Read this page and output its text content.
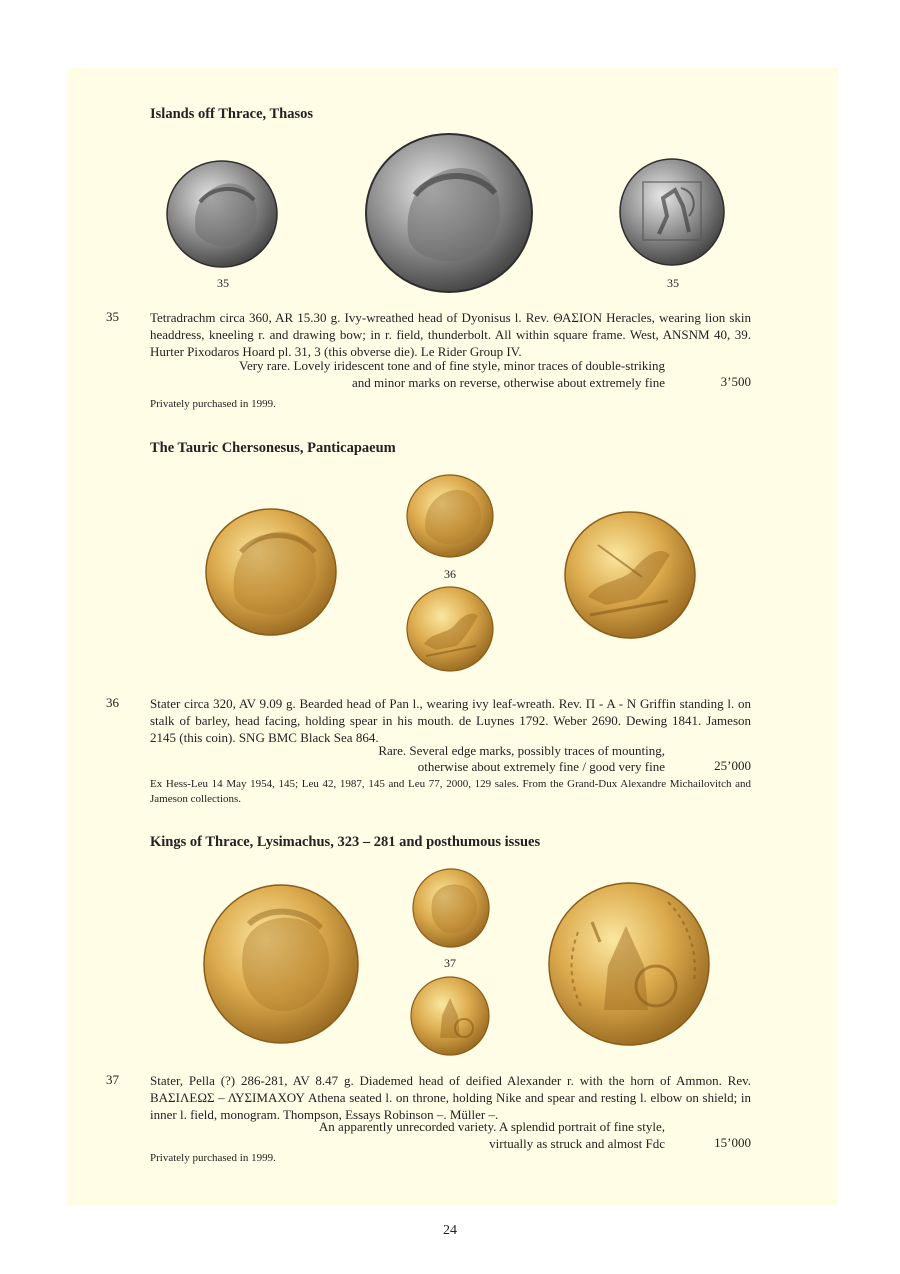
Islands off Thrace, Thasos
35	35
35 Tetradrachm circa 360, AR 15.30 g. Ivy-wreathed head of Dyonisus l. Rev. ΘΑΣΙΟΝ Heracles, wearing lion skin headdress, kneeling r. and drawing bow; in r. field, thunderbolt. All within square frame. West, ANSNM 40, 39. Hurter Pixodaros Hoard pl. 31, 3 (this obverse die). Le Rider Group IV.
Very rare. Lovely iridescent tone and of fine style, minor traces of double-striking
and minor marks on reverse, otherwise about extremely fine	3’500
Privately purchased in 1999.
The Tauric Chersonesus, Panticapaeum
36
36 Stater circa 320, AV 9.09 g. Bearded head of Pan l., wearing ivy leaf-wreath. Rev. Π - Α - Ν Griffin standing l. on stalk of barley, head facing, holding spear in his mouth. de Luynes 1792. Weber 2690. Dewing 1841. Jameson 2145 (this coin). SNG BMC Black Sea 864.
Rare. Several edge marks, possibly traces of mounting,
otherwise about extremely fine / good very fine	25’000
Ex Hess-Leu 14 May 1954, 145; Leu 42, 1987, 145 and Leu 77, 2000, 129 sales. From the Grand-Dux Alexandre Michailovitch and Jameson collections.
Kings of Thrace, Lysimachus, 323 – 281 and posthumous issues
37
37 Stater, Pella (?) 286-281, AV 8.47 g. Diademed head of deified Alexander r. with the horn of Ammon. Rev. ΒΑΣΙΛΕΩΣ – ΛΥΣΙΜΑΧΟΥ Athena seated l. on throne, holding Nike and spear and resting l. elbow on shield; in inner l. field, monogram. Thompson, Essays Robinson –. Müller –.
An apparently unrecorded variety. A splendid portrait of fine style,
virtually as struck and almost Fdc	15’000
Privately purchased in 1999.
24
